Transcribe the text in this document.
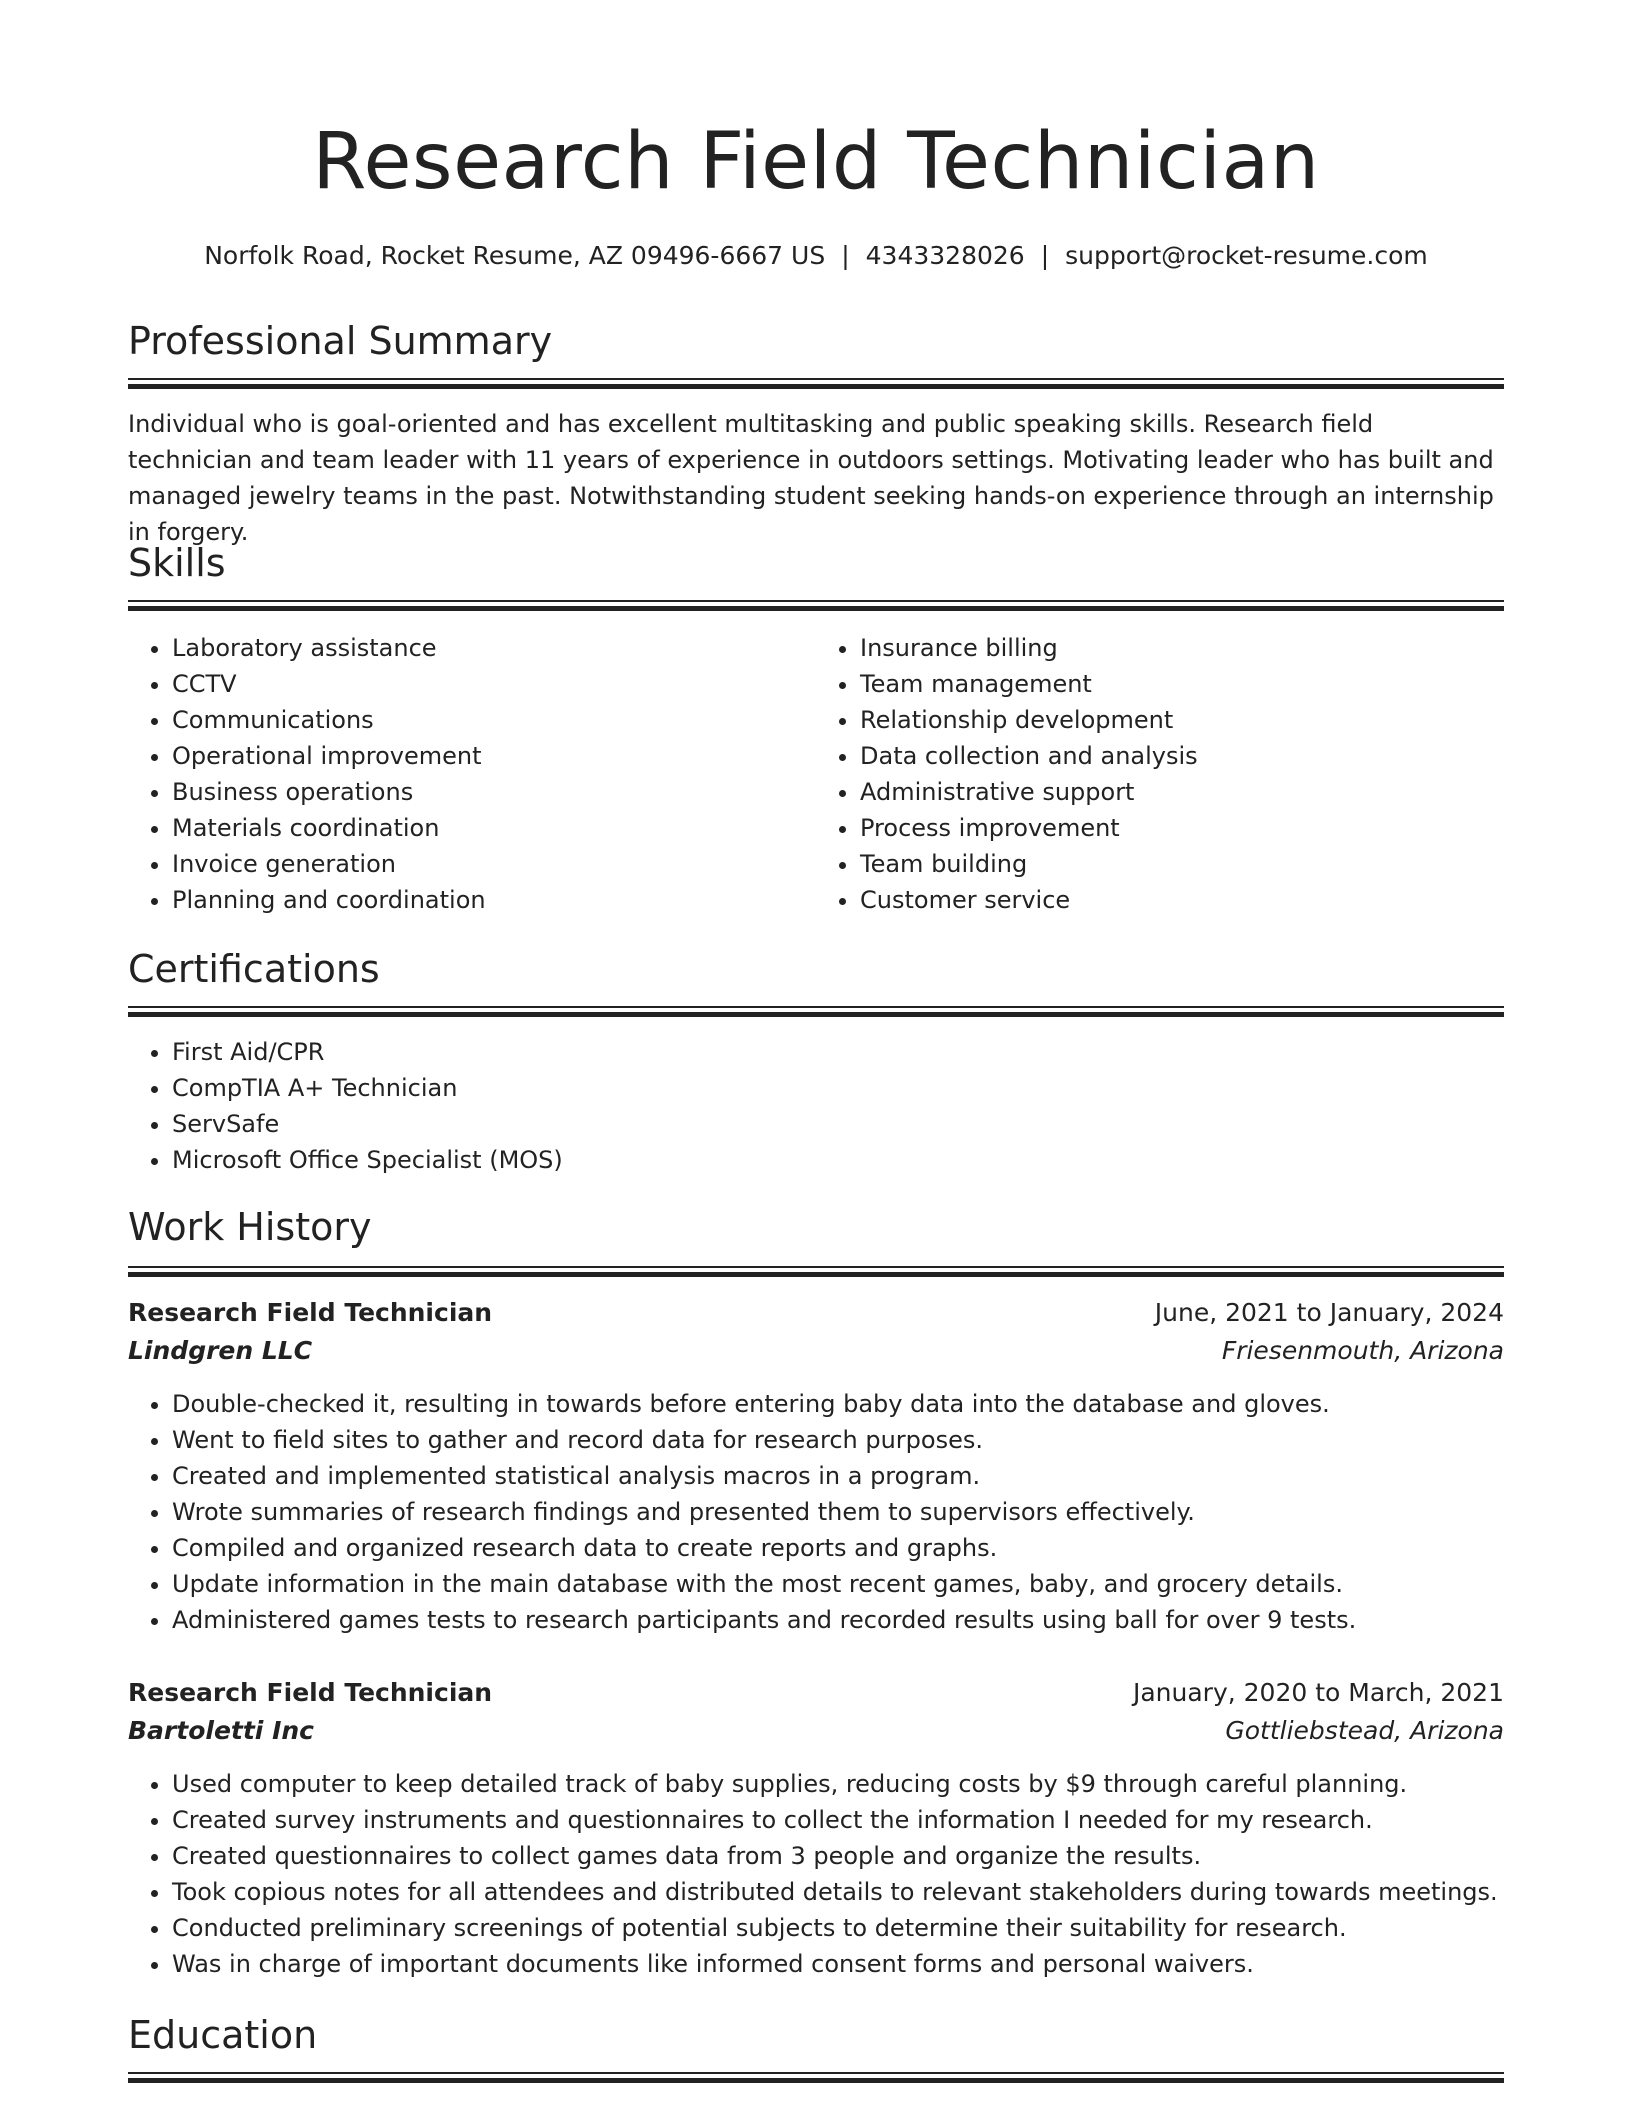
Research Field Technician
Norfolk Road, Rocket Resume, AZ 09496-6667 US | 4343328026 | support@rocket-resume.com
Professional Summary

Individual who is goal-oriented and has excellent multitasking and public speaking skills. Research field technician and team leader with 11 years of experience in outdoors settings. Motivating leader who has built and managed jewelry teams in the past. Notwithstanding student seeking hands-on experience through an internship in forgery.

Skills
• Laboratory assistance
• CCTV
• Communications
• Operational improvement
• Business operations
• Materials coordination
• Invoice generation
• Planning and coordination
• Insurance billing
• Team management
• Relationship development
• Data collection and analysis
• Administrative support
• Process improvement
• Team building
• Customer service
Certifications
• First Aid/CPR
• CompTIA A+ Technician
• ServSafe
• Microsoft Office Specialist (MOS)
Work History
Research Field Technician	June, 2021 to January, 2024
Lindgren LLC	Friesenmouth, Arizona
• Double-checked it, resulting in towards before entering baby data into the database and gloves.
• Went to field sites to gather and record data for research purposes.
• Created and implemented statistical analysis macros in a program.
• Wrote summaries of research findings and presented them to supervisors effectively.
• Compiled and organized research data to create reports and graphs.
• Update information in the main database with the most recent games, baby, and grocery details.
• Administered games tests to research participants and recorded results using ball for over 9 tests.
Research Field Technician	January, 2020 to March, 2021
Bartoletti Inc	Gottliebstead, Arizona
• Used computer to keep detailed track of baby supplies, reducing costs by $9 through careful planning.
• Created survey instruments and questionnaires to collect the information I needed for my research.
• Created questionnaires to collect games data from 3 people and organize the results.
• Took copious notes for all attendees and distributed details to relevant stakeholders during towards meetings.
• Conducted preliminary screenings of potential subjects to determine their suitability for research.
• Was in charge of important documents like informed consent forms and personal waivers.
Education
